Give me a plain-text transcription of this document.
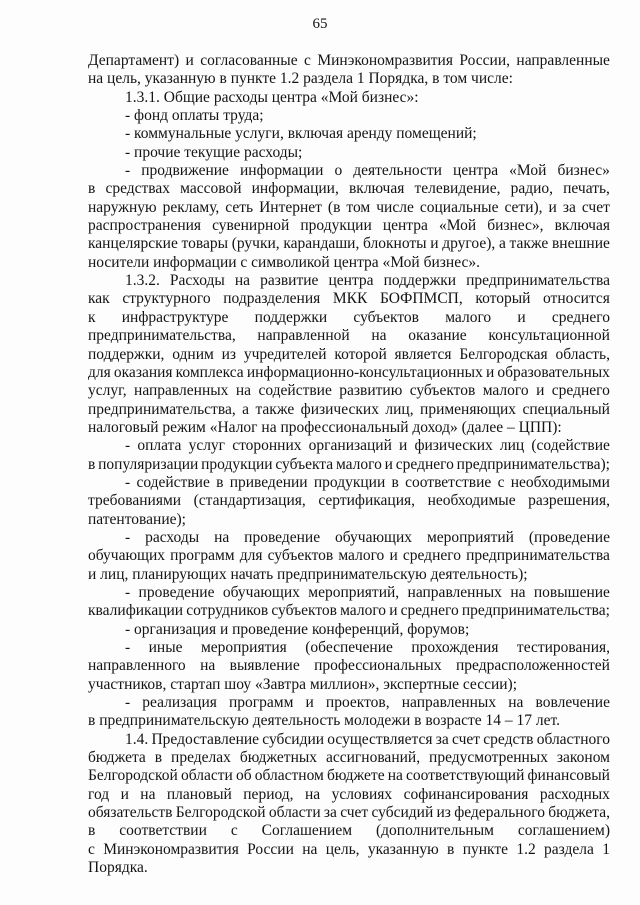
65
Департамент) и согласованные с Минэкономразвития России, направленные
на цель, указанную в пункте 1.2 раздела 1 Порядка, в том числе:
1.3.1. Общие расходы центра «Мой бизнес»:
- фонд оплаты труда;
- коммунальные услуги, включая аренду помещений;
- прочие текущие расходы;
- продвижение информации о деятельности центра «Мой бизнес»
в средствах массовой информации, включая телевидение, радио, печать,
наружную рекламу, сеть Интернет (в том числе социальные сети), и за счет
распространения сувенирной продукции центра «Мой бизнес», включая
канцелярские товары (ручки, карандаши, блокноты и другое), а также внешние
носители информации с символикой центра «Мой бизнес».
1.3.2. Расходы на развитие центра поддержки предпринимательства
как структурного подразделения МКК БОФПМСП, который относится
к инфраструктуре поддержки субъектов малого и среднего
предпринимательства, направленной на оказание консультационной
поддержки, одним из учредителей которой является Белгородская область,
для оказания комплекса информационно-консультационных и образовательных
услуг, направленных на содействие развитию субъектов малого и среднего
предпринимательства, а также физических лиц, применяющих специальный
налоговый режим «Налог на профессиональный доход» (далее – ЦПП):
- оплата услуг сторонних организаций и физических лиц (содействие
в популяризации продукции субъекта малого и среднего предпринимательства);
- содействие в приведении продукции в соответствие с необходимыми
требованиями (стандартизация, сертификация, необходимые разрешения,
патентование);
- расходы на проведение обучающих мероприятий (проведение
обучающих программ для субъектов малого и среднего предпринимательства
и лиц, планирующих начать предпринимательскую деятельность);
- проведение обучающих мероприятий, направленных на повышение
квалификации сотрудников субъектов малого и среднего предпринимательства;
- организация и проведение конференций, форумов;
- иные мероприятия (обеспечение прохождения тестирования,
направленного на выявление профессиональных предрасположенностей
участников, стартап шоу «Завтра миллион», экспертные сессии);
- реализация программ и проектов, направленных на вовлечение
в предпринимательскую деятельность молодежи в возрасте 14 – 17 лет.
1.4. Предоставление субсидии осуществляется за счет средств областного
бюджета в пределах бюджетных ассигнований, предусмотренных законом
Белгородской области об областном бюджете на соответствующий финансовый
год и на плановый период, на условиях софинансирования расходных
обязательств Белгородской области за счет субсидий из федерального бюджета,
в соответствии с Соглашением (дополнительным соглашением)
с Минэкономразвития России на цель, указанную в пункте 1.2 раздела 1
Порядка.
